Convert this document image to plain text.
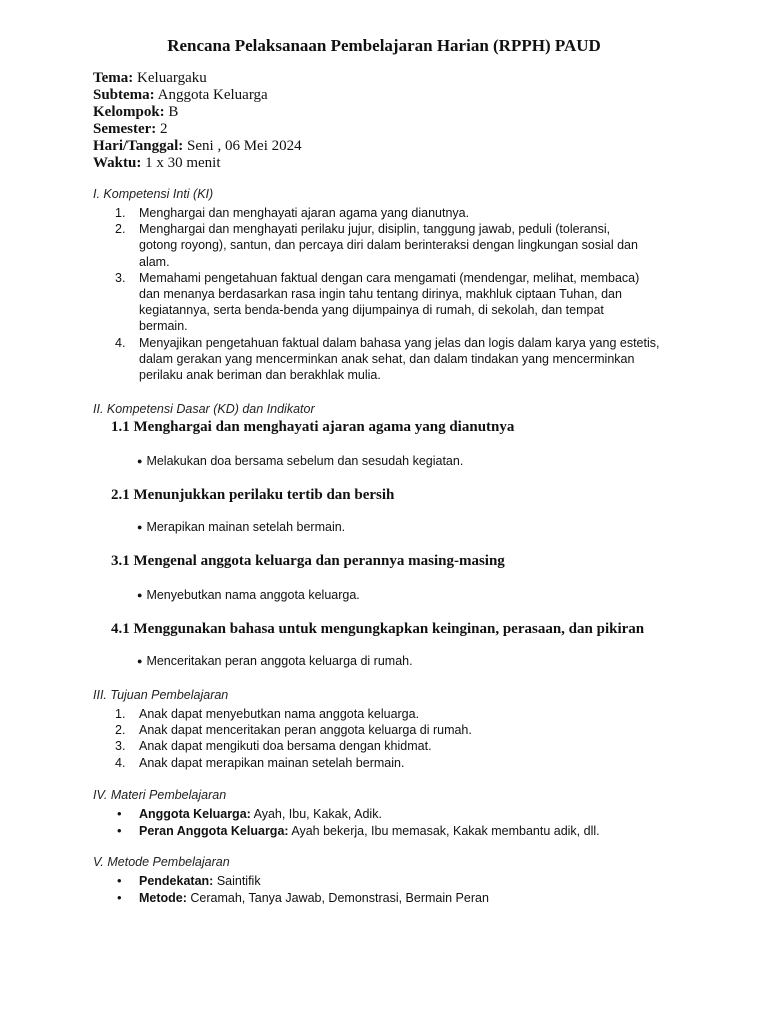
Rencana Pelaksanaan Pembelajaran Harian (RPPH) PAUD
Tema: Keluargaku
Subtema: Anggota Keluarga
Kelompok: B
Semester: 2
Hari/Tanggal: Seni , 06 Mei 2024
Waktu: 1 x 30 menit
I. Kompetensi Inti (KI)
1. Menghargai dan menghayati ajaran agama yang dianutnya.
2. Menghargai dan menghayati perilaku jujur, disiplin, tanggung jawab, peduli (toleransi,
gotong royong), santun, dan percaya diri dalam berinteraksi dengan lingkungan sosial dan
alam.
3. Memahami pengetahuan faktual dengan cara mengamati (mendengar, melihat, membaca)
dan menanya berdasarkan rasa ingin tahu tentang dirinya, makhluk ciptaan Tuhan, dan
kegiatannya, serta benda-benda yang dijumpainya di rumah, di sekolah, dan tempat
bermain.
4. Menyajikan pengetahuan faktual dalam bahasa yang jelas dan logis dalam karya yang estetis,
dalam gerakan yang mencerminkan anak sehat, dan dalam tindakan yang mencerminkan
perilaku anak beriman dan berakhlak mulia.
II. Kompetensi Dasar (KD) dan Indikator
1.1 Menghargai dan menghayati ajaran agama yang dianutnya
● Melakukan doa bersama sebelum dan sesudah kegiatan.
2.1 Menunjukkan perilaku tertib dan bersih
● Merapikan mainan setelah bermain.
3.1 Mengenal anggota keluarga dan perannya masing-masing
● Menyebutkan nama anggota keluarga.
4.1 Menggunakan bahasa untuk mengungkapkan keinginan, perasaan, dan pikiran
● Menceritakan peran anggota keluarga di rumah.
III. Tujuan Pembelajaran
1. Anak dapat menyebutkan nama anggota keluarga.
2. Anak dapat menceritakan peran anggota keluarga di rumah.
3. Anak dapat mengikuti doa bersama dengan khidmat.
4. Anak dapat merapikan mainan setelah bermain.
IV. Materi Pembelajaran
• Anggota Keluarga: Ayah, Ibu, Kakak, Adik.
• Peran Anggota Keluarga: Ayah bekerja, Ibu memasak, Kakak membantu adik, dll.
V. Metode Pembelajaran
• Pendekatan: Saintifik
• Metode: Ceramah, Tanya Jawab, Demonstrasi, Bermain Peran
